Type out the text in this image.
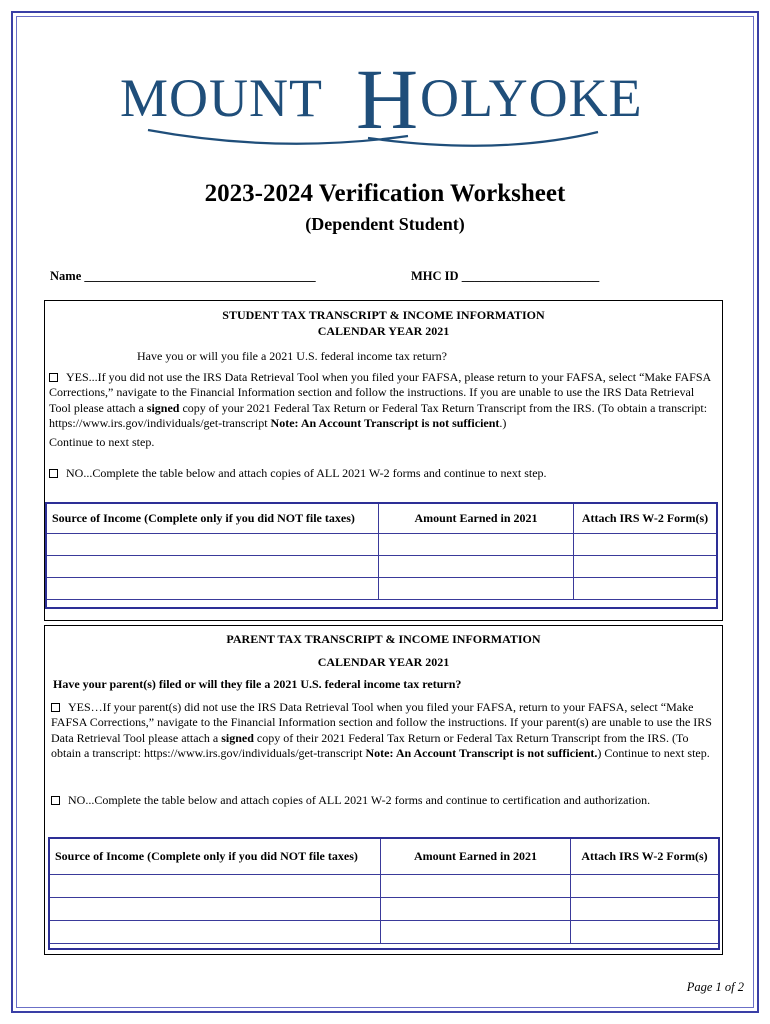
MOUNT H OLYOKE
2023-2024 Verification Worksheet
(Dependent Student)
Name _____________________________________	MHC ID ______________________
STUDENT TAX TRANSCRIPT & INCOME INFORMATION
CALENDAR YEAR 2021
Have you or will you file a 2021 U.S. federal income tax return?
YES...If you did not use the IRS Data Retrieval Tool when you filed your FAFSA, please return to your FAFSA, select “Make FAFSA Corrections,” navigate to the Financial Information section and follow the instructions. If you are unable to use the IRS Data Retrieval Tool please attach a signed copy of your 2021 Federal Tax Return or Federal Tax Return Transcript from the IRS. (To obtain a transcript: https://www.irs.gov/individuals/get-transcript Note: An Account Transcript is not sufficient.)
Continue to next step.
NO...Complete the table below and attach copies of ALL 2021 W-2 forms and continue to next step.
Source of Income (Complete only if you did NOT file taxes)	Amount Earned in 2021	Attach IRS W-2 Form(s)

PARENT TAX TRANSCRIPT & INCOME INFORMATION
CALENDAR YEAR 2021
Have your parent(s) filed or will they file a 2021 U.S. federal income tax return?
YES…If your parent(s) did not use the IRS Data Retrieval Tool when you filed your FAFSA, return to your FAFSA, select “Make FAFSA Corrections,” navigate to the Financial Information section and follow the instructions. If your parent(s) are unable to use the IRS Data Retrieval Tool please attach a signed copy of their 2021 Federal Tax Return or Federal Tax Return Transcript from the IRS. (To obtain a transcript: https://www.irs.gov/individuals/get-transcript Note: An Account Transcript is not sufficient.) Continue to next step.
NO...Complete the table below and attach copies of ALL 2021 W-2 forms and continue to certification and authorization.
Source of Income (Complete only if you did NOT file taxes)	Amount Earned in 2021	Attach IRS W-2 Form(s)

Page 1 of 2
